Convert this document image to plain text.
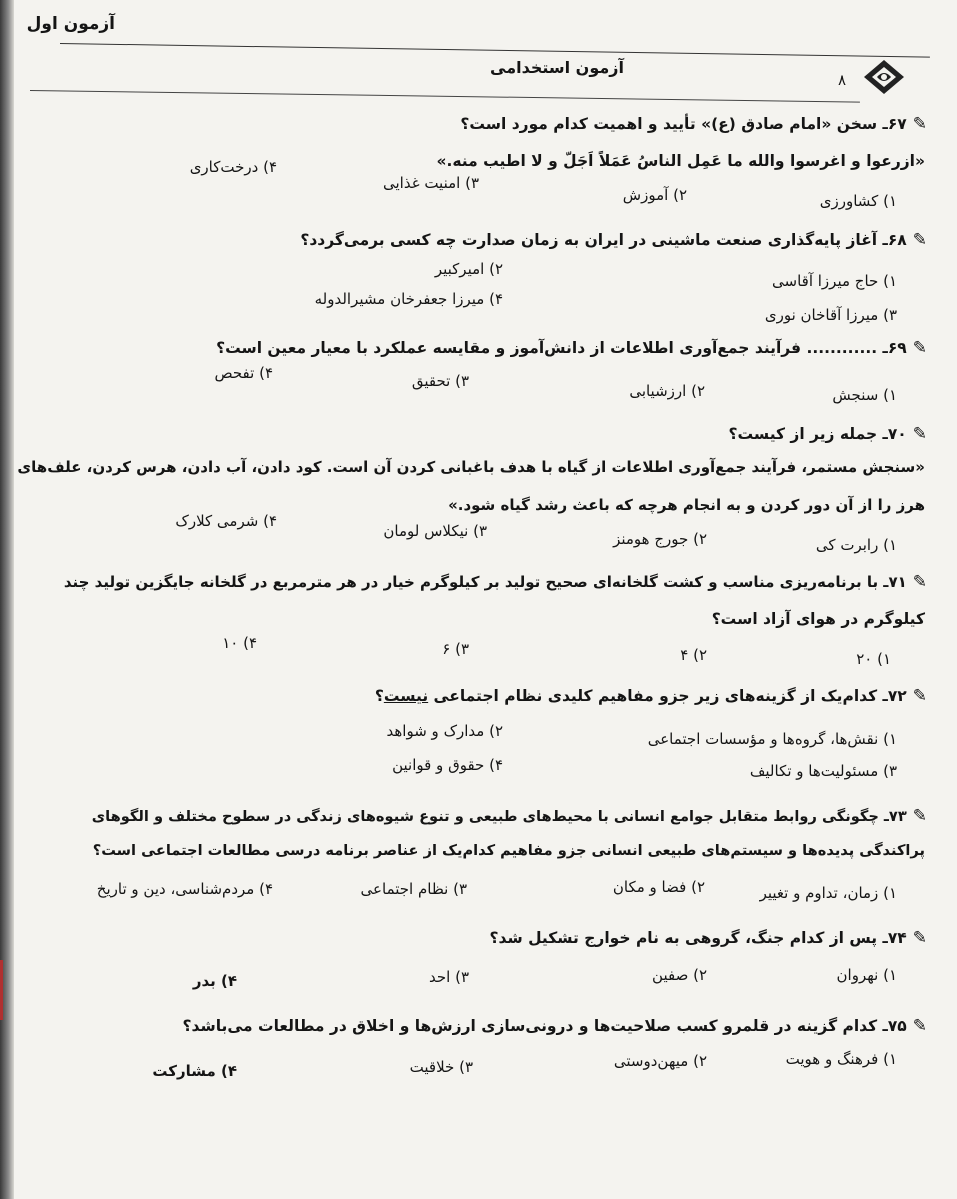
آزمون اول
آزمون استخدامی
۸
✎۶۷ـ سخن «امام صادق (ع)» تأیید و اهمیت کدام مورد است؟
«ازرعوا و اغرسوا والله ما عَمِل الناسُ عَمَلاً اَجَلّ و لا اطیب منه.»
۱) کشاورزی
۲) آموزش
۳) امنیت غذایی
۴) درخت‌کاری
✎۶۸ـ آغاز پایه‌گذاری صنعت ماشینی در ایران به زمان صدارت چه کسی برمی‌گردد؟
۱) حاج میرزا آقاسی
۲) امیرکبیر
۳) میرزا آقاخان نوری
۴) میرزا جعفرخان مشیرالدوله
✎۶۹ـ ............ فرآیند جمع‌آوری اطلاعات از دانش‌آموز و مقایسه عملکرد با معیار معین است؟
۱) سنجش
۲) ارزشیابی
۳) تحقیق
۴) تفحص
✎۷۰ـ جمله زیر از کیست؟
«سنجش مستمر، فرآیند جمع‌آوری اطلاعات از گیاه با هدف باغبانی کردن آن است. کود دادن، آب دادن، هرس کردن، علف‌های
هرز را از آن دور کردن و به انجام هرچه که باعث رشد گیاه شود.»
۱) رابرت کی
۲) جورج هومنز
۳) نیکلاس لومان
۴) شرمی کلارک
✎۷۱ـ با برنامه‌ریزی مناسب و کشت گلخانه‌ای صحیح تولید بر کیلوگرم خیار در هر مترمربع در گلخانه جایگزین تولید چند
کیلوگرم در هوای آزاد است؟
۱) ۲۰
۲) ۴
۳) ۶
۴) ۱۰
✎۷۲ـ کدام‌یک از گزینه‌های زیر جزو مفاهیم کلیدی نظام اجتماعی نیست؟
۱) نقش‌ها، گروه‌ها و مؤسسات اجتماعی
۲) مدارک و شواهد
۳) مسئولیت‌ها و تکالیف
۴) حقوق و قوانین
✎۷۳ـ چگونگی روابط متقابل جوامع انسانی با محیط‌های طبیعی و تنوع شیوه‌های زندگی در سطوح مختلف و الگوهای
پراکندگی پدیده‌ها و سیستم‌های طبیعی انسانی جزو مفاهیم کدام‌یک از عناصر برنامه درسی مطالعات اجتماعی است؟
۱) زمان، تداوم و تغییر
۲) فضا و مکان
۳) نظام اجتماعی
۴) مردم‌شناسی، دین و تاریخ
✎۷۴ـ پس از کدام جنگ، گروهی به نام خوارج تشکیل شد؟
۱) نهروان
۲) صفین
۳) احد
۴) بدر
✎۷۵ـ کدام گزینه در قلمرو کسب صلاحیت‌ها و درونی‌سازی ارزش‌ها و اخلاق در مطالعات می‌باشد؟
۱) فرهنگ و هویت
۲) میهن‌دوستی
۳) خلاقیت
۴) مشارکت
